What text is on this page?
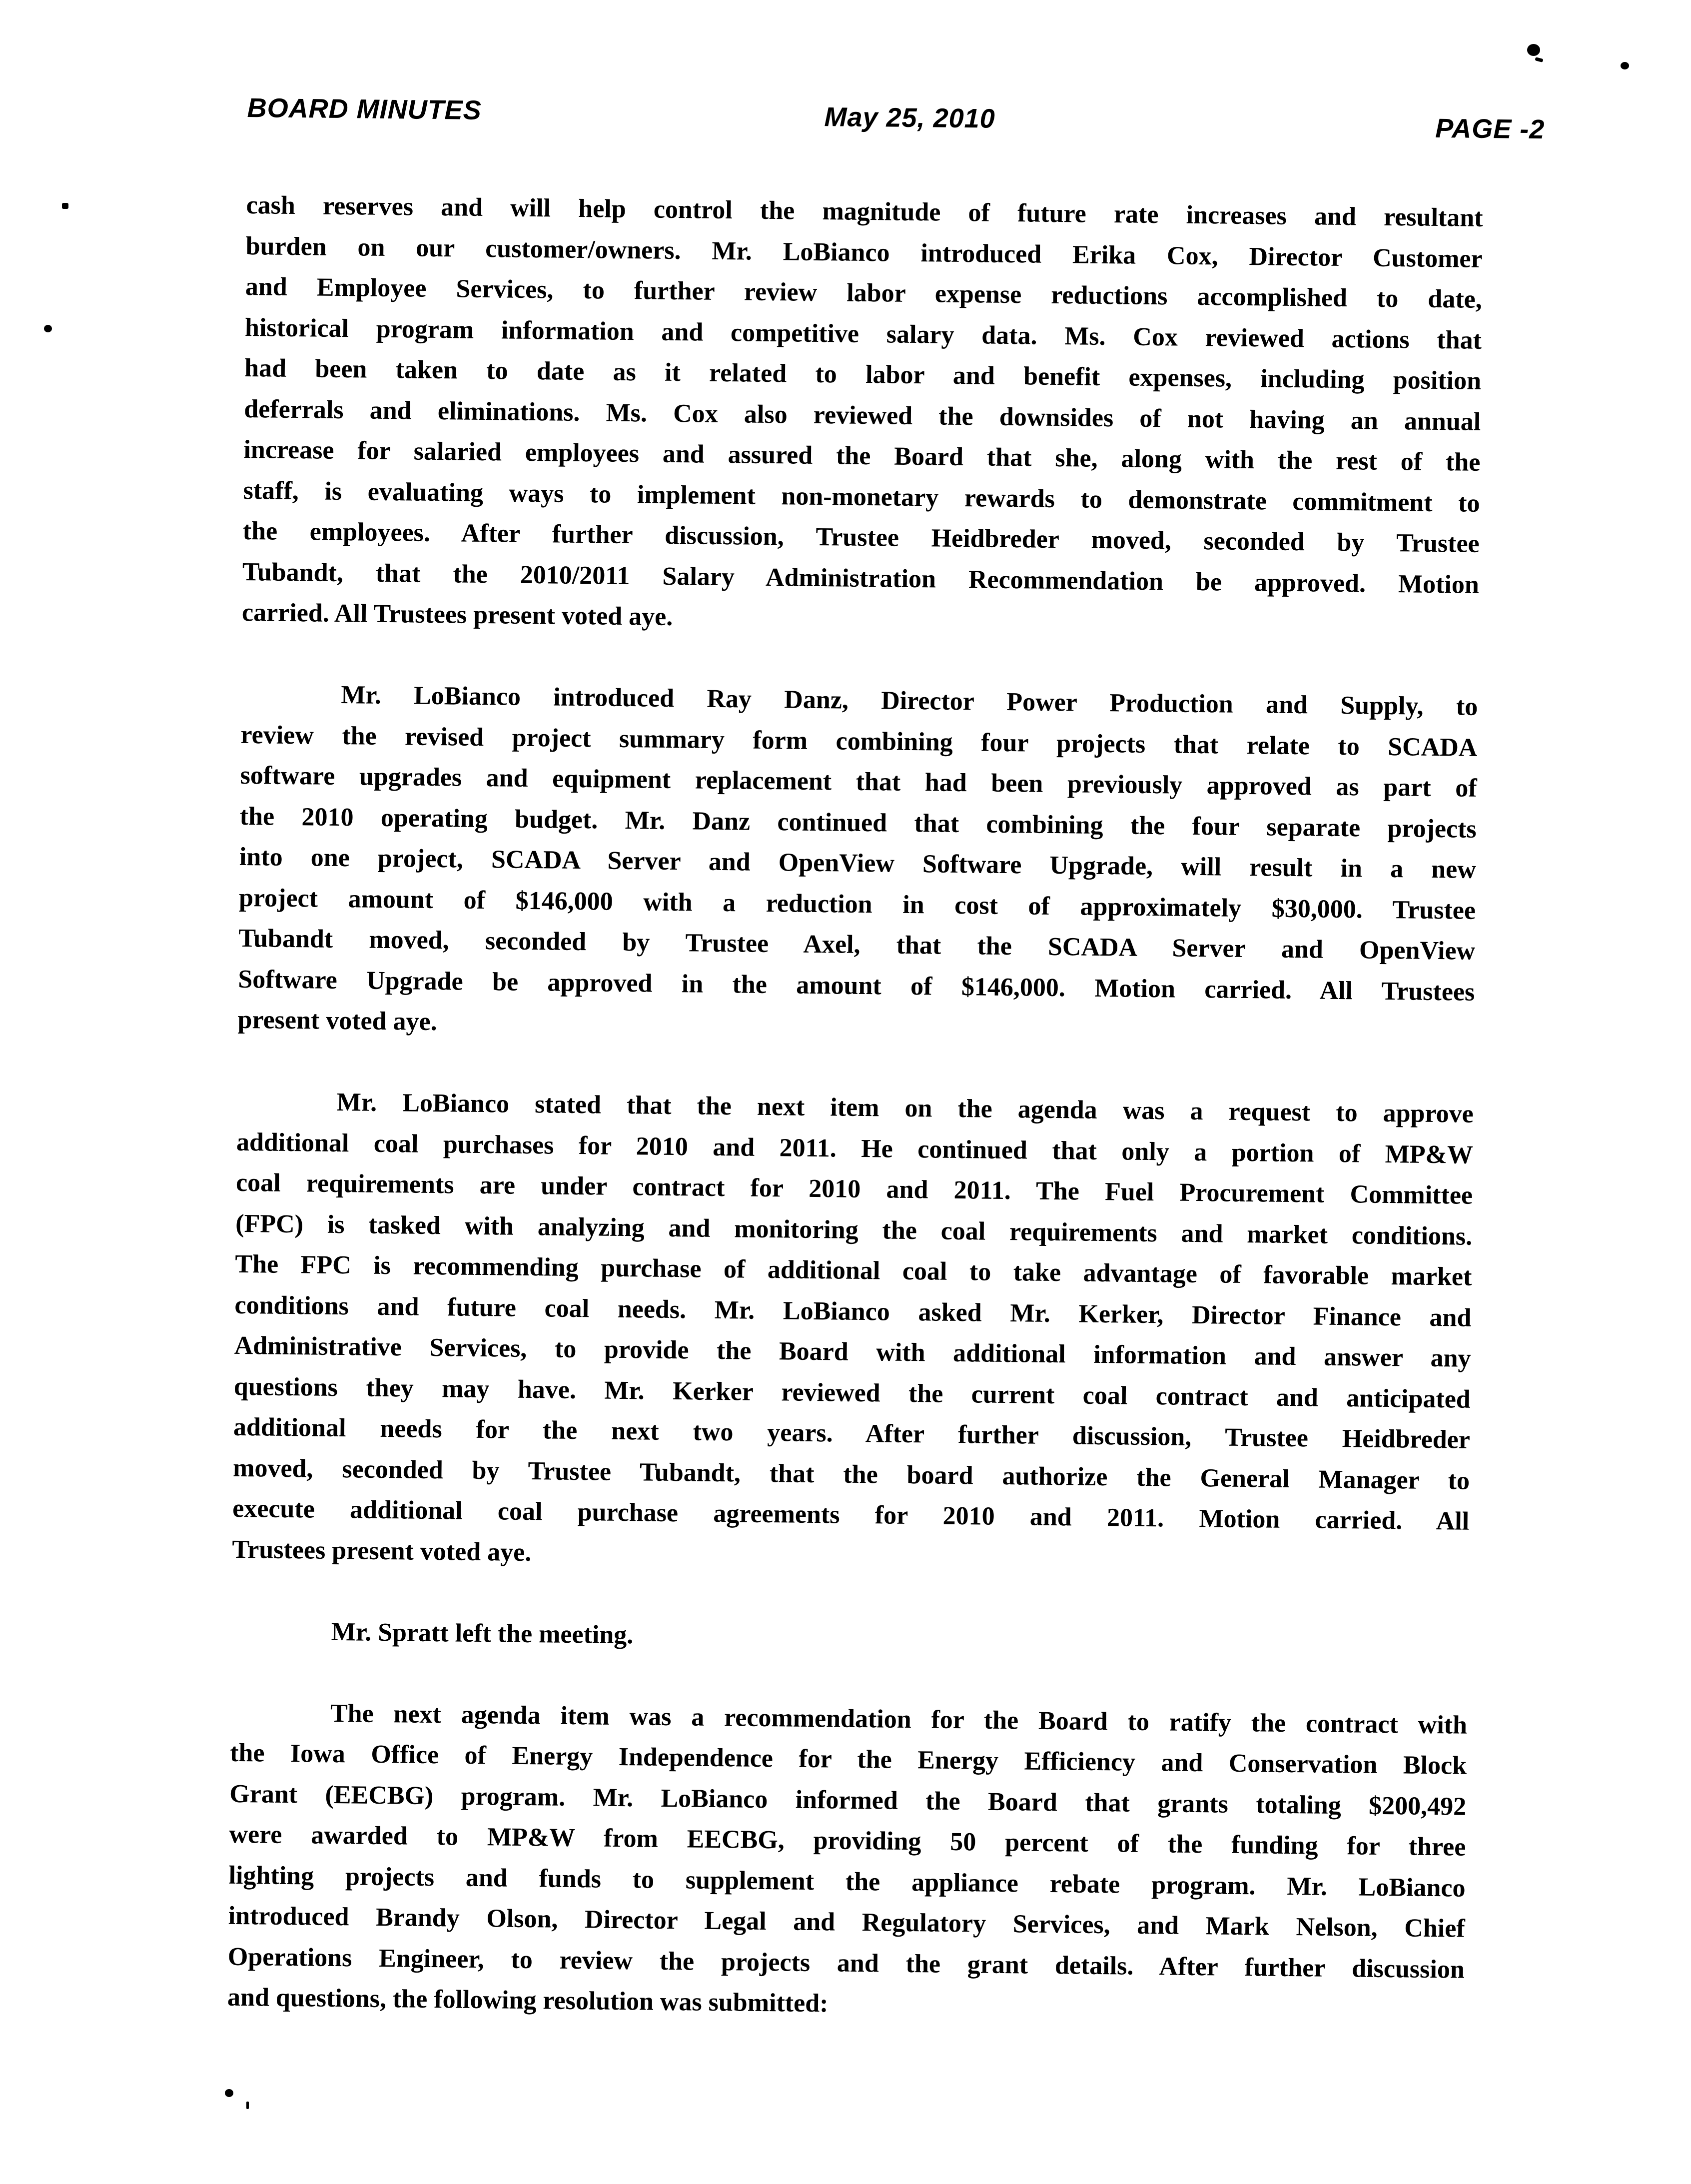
BOARD MINUTES	May 25, 2010	PAGE -2
cash reserves and will help control the magnitude of future rate increases and resultant
burden on our customer/owners. Mr. LoBianco introduced Erika Cox, Director Customer
and Employee Services, to further review labor expense reductions accomplished to date,
historical program information and competitive salary data. Ms. Cox reviewed actions that
had been taken to date as it related to labor and benefit expenses, including position
deferrals and eliminations. Ms. Cox also reviewed the downsides of not having an annual
increase for salaried employees and assured the Board that she, along with the rest of the
staff, is evaluating ways to implement non-monetary rewards to demonstrate commitment to
the employees. After further discussion, Trustee Heidbreder moved, seconded by Trustee
Tubandt, that the 2010/2011 Salary Administration Recommendation be approved. Motion
carried. All Trustees present voted aye.
Mr. LoBianco introduced Ray Danz, Director Power Production and Supply, to
review the revised project summary form combining four projects that relate to SCADA
software upgrades and equipment replacement that had been previously approved as part of
the 2010 operating budget. Mr. Danz continued that combining the four separate projects
into one project, SCADA Server and OpenView Software Upgrade, will result in a new
project amount of $146,000 with a reduction in cost of approximately $30,000. Trustee
Tubandt moved, seconded by Trustee Axel, that the SCADA Server and OpenView
Software Upgrade be approved in the amount of $146,000. Motion carried. All Trustees
present voted aye.
Mr. LoBianco stated that the next item on the agenda was a request to approve
additional coal purchases for 2010 and 2011. He continued that only a portion of MP&W
coal requirements are under contract for 2010 and 2011. The Fuel Procurement Committee
(FPC) is tasked with analyzing and monitoring the coal requirements and market conditions.
The FPC is recommending purchase of additional coal to take advantage of favorable market
conditions and future coal needs. Mr. LoBianco asked Mr. Kerker, Director Finance and
Administrative Services, to provide the Board with additional information and answer any
questions they may have. Mr. Kerker reviewed the current coal contract and anticipated
additional needs for the next two years. After further discussion, Trustee Heidbreder
moved, seconded by Trustee Tubandt, that the board authorize the General Manager to
execute additional coal purchase agreements for 2010 and 2011. Motion carried. All
Trustees present voted aye.
Mr. Spratt left the meeting.
The next agenda item was a recommendation for the Board to ratify the contract with
the Iowa Office of Energy Independence for the Energy Efficiency and Conservation Block
Grant (EECBG) program. Mr. LoBianco informed the Board that grants totaling $200,492
were awarded to MP&W from EECBG, providing 50 percent of the funding for three
lighting projects and funds to supplement the appliance rebate program. Mr. LoBianco
introduced Brandy Olson, Director Legal and Regulatory Services, and Mark Nelson, Chief
Operations Engineer, to review the projects and the grant details. After further discussion
and questions, the following resolution was submitted:
